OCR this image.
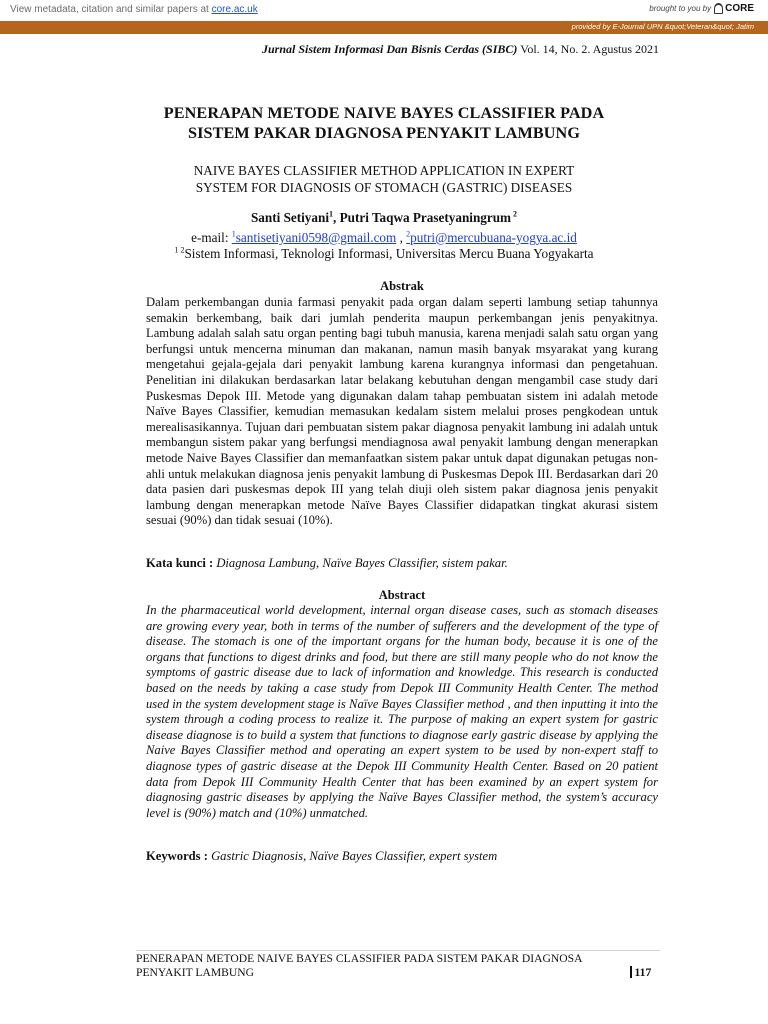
View metadata, citation and similar papers at core.ac.uk	brought to you by CORE
provided by E-Journal UPN &quot;Veteran&quot; Jatim
Jurnal Sistem Informasi Dan Bisnis Cerdas (SIBC) Vol. 14, No. 2. Agustus 2021
PENERAPAN METODE NAIVE BAYES CLASSIFIER PADA
SISTEM PAKAR DIAGNOSA PENYAKIT LAMBUNG
NAIVE BAYES CLASSIFIER METHOD APPLICATION IN EXPERT
SYSTEM FOR DIAGNOSIS OF STOMACH (GASTRIC) DISEASES
Santi Setiyani$^1$, Putri Taqwa Prasetyaningrum $^2$
e-mail: $^1$santisetiyani0598@gmail.com , $^2$putri@mercubuana-yogya.ac.id
$^{1 2}$Sistem Informasi, Teknologi Informasi, Universitas Mercu Buana Yogyakarta
Abstrak
Dalam perkembangan dunia farmasi penyakit pada organ dalam seperti lambung setiap tahunnya semakin berkembang, baik dari jumlah penderita maupun perkembangan jenis penyakitnya. Lambung adalah salah satu organ penting bagi tubuh manusia, karena menjadi salah satu organ yang berfungsi untuk mencerna minuman dan makanan, namun masih banyak msyarakat yang kurang mengetahui gejala-gejala dari penyakit lambung karena kurangnya informasi dan pengetahuan. Penelitian ini dilakukan berdasarkan latar belakang kebutuhan dengan mengambil case study dari Puskesmas Depok III. Metode yang digunakan dalam tahap pembuatan sistem ini adalah metode Naïve Bayes Classifier, kemudian memasukan kedalam sistem melalui proses pengkodean untuk merealisasikannya. Tujuan dari pembuatan sistem pakar diagnosa penyakit lambung ini adalah untuk membangun sistem pakar yang berfungsi mendiagnosa awal penyakit lambung dengan menerapkan metode Naive Bayes Classifier dan memanfaatkan sistem pakar untuk dapat digunakan petugas non-ahli untuk melakukan diagnosa jenis penyakit lambung di Puskesmas Depok III. Berdasarkan dari 20 data pasien dari puskesmas depok III yang telah diuji oleh sistem pakar diagnosa jenis penyakit lambung dengan menerapkan metode Naïve Bayes Classifier didapatkan tingkat akurasi sistem sesuai (90%) dan tidak sesuai (10%).
Kata kunci : Diagnosa Lambung, Naïve Bayes Classifier, sistem pakar.
Abstract
In the pharmaceutical world development, internal organ disease cases, such as stomach diseases are growing every year, both in terms of the number of sufferers and the development of the type of disease. The stomach is one of the important organs for the human body, because it is one of the organs that functions to digest drinks and food, but there are still many people who do not know the symptoms of gastric disease due to lack of information and knowledge. This research is conducted based on the needs by taking a case study from Depok III Community Health Center. The method used in the system development stage is Naïve Bayes Classifier method , and then inputting it into the system through a coding process to realize it. The purpose of making an expert system for gastric disease diagnose is to build a system that functions to diagnose early gastric disease by applying the Naive Bayes Classifier method and operating an expert system to be used by non-expert staff to diagnose types of gastric disease at the Depok III Community Health Center. Based on 20 patient data from Depok III Community Health Center that has been examined by an expert system for diagnosing gastric diseases by applying the Naïve Bayes Classifier method, the system’s accuracy level is (90%) match and (10%) unmatched.
Keywords : Gastric Diagnosis, Naïve Bayes Classifier, expert system
PENERAPAN METODE NAIVE BAYES CLASSIFIER PADA SISTEM PAKAR DIAGNOSA PENYAKIT LAMBUNG	117
